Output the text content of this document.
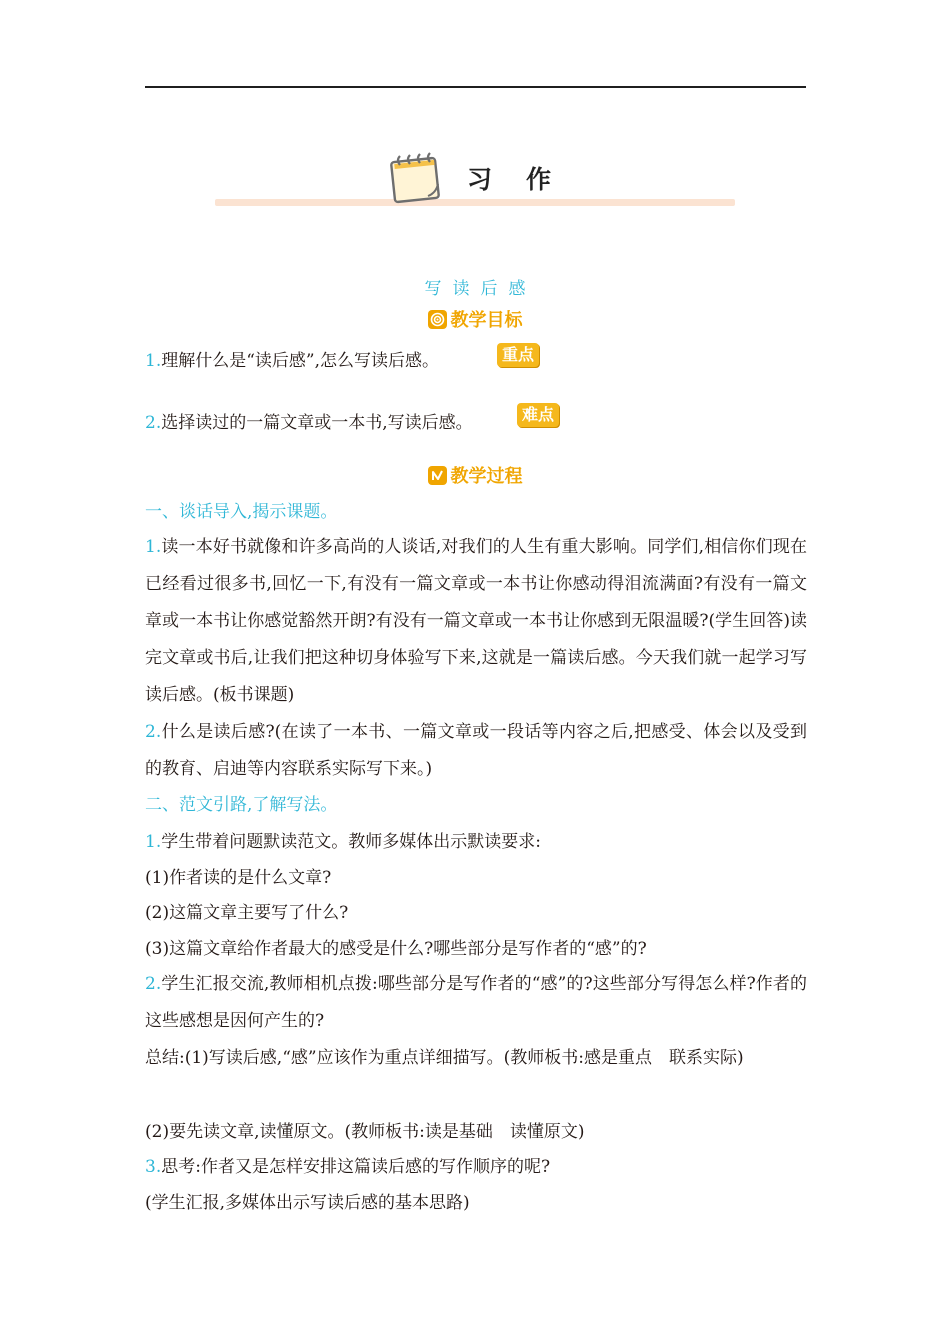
习作
写读后感
教学目标
1.理解什么是“读后感”,怎么写读后感。	重点
2.选择读过的一篇文章或一本书,写读后感。	难点
教学过程
一、谈话导入,揭示课题。
1.读一本好书就像和许多高尚的人谈话,对我们的人生有重大影响。同学们,相信你们现在已经看过很多书,回忆一下,有没有一篇文章或一本书让你感动得泪流满面?有没有一篇文章或一本书让你感觉豁然开朗?有没有一篇文章或一本书让你感到无限温暖?(学生回答)读完文章或书后,让我们把这种切身体验写下来,这就是一篇读后感。今天我们就一起学习写读后感。(板书课题)
2.什么是读后感?(在读了一本书、一篇文章或一段话等内容之后,把感受、体会以及受到的教育、启迪等内容联系实际写下来。)
二、范文引路,了解写法。
1.学生带着问题默读范文。教师多媒体出示默读要求:
(1)作者读的是什么文章?
(2)这篇文章主要写了什么?
(3)这篇文章给作者最大的感受是什么?哪些部分是写作者的“感”的?
2.学生汇报交流,教师相机点拨:哪些部分是写作者的“感”的?这些部分写得怎么样?作者的这些感想是因何产生的?
总结:(1)写读后感,“感”应该作为重点详细描写。(教师板书:感是重点　联系实际)
(2)要先读文章,读懂原文。(教师板书:读是基础　读懂原文)
3.思考:作者又是怎样安排这篇读后感的写作顺序的呢?
(学生汇报,多媒体出示写读后感的基本思路)
